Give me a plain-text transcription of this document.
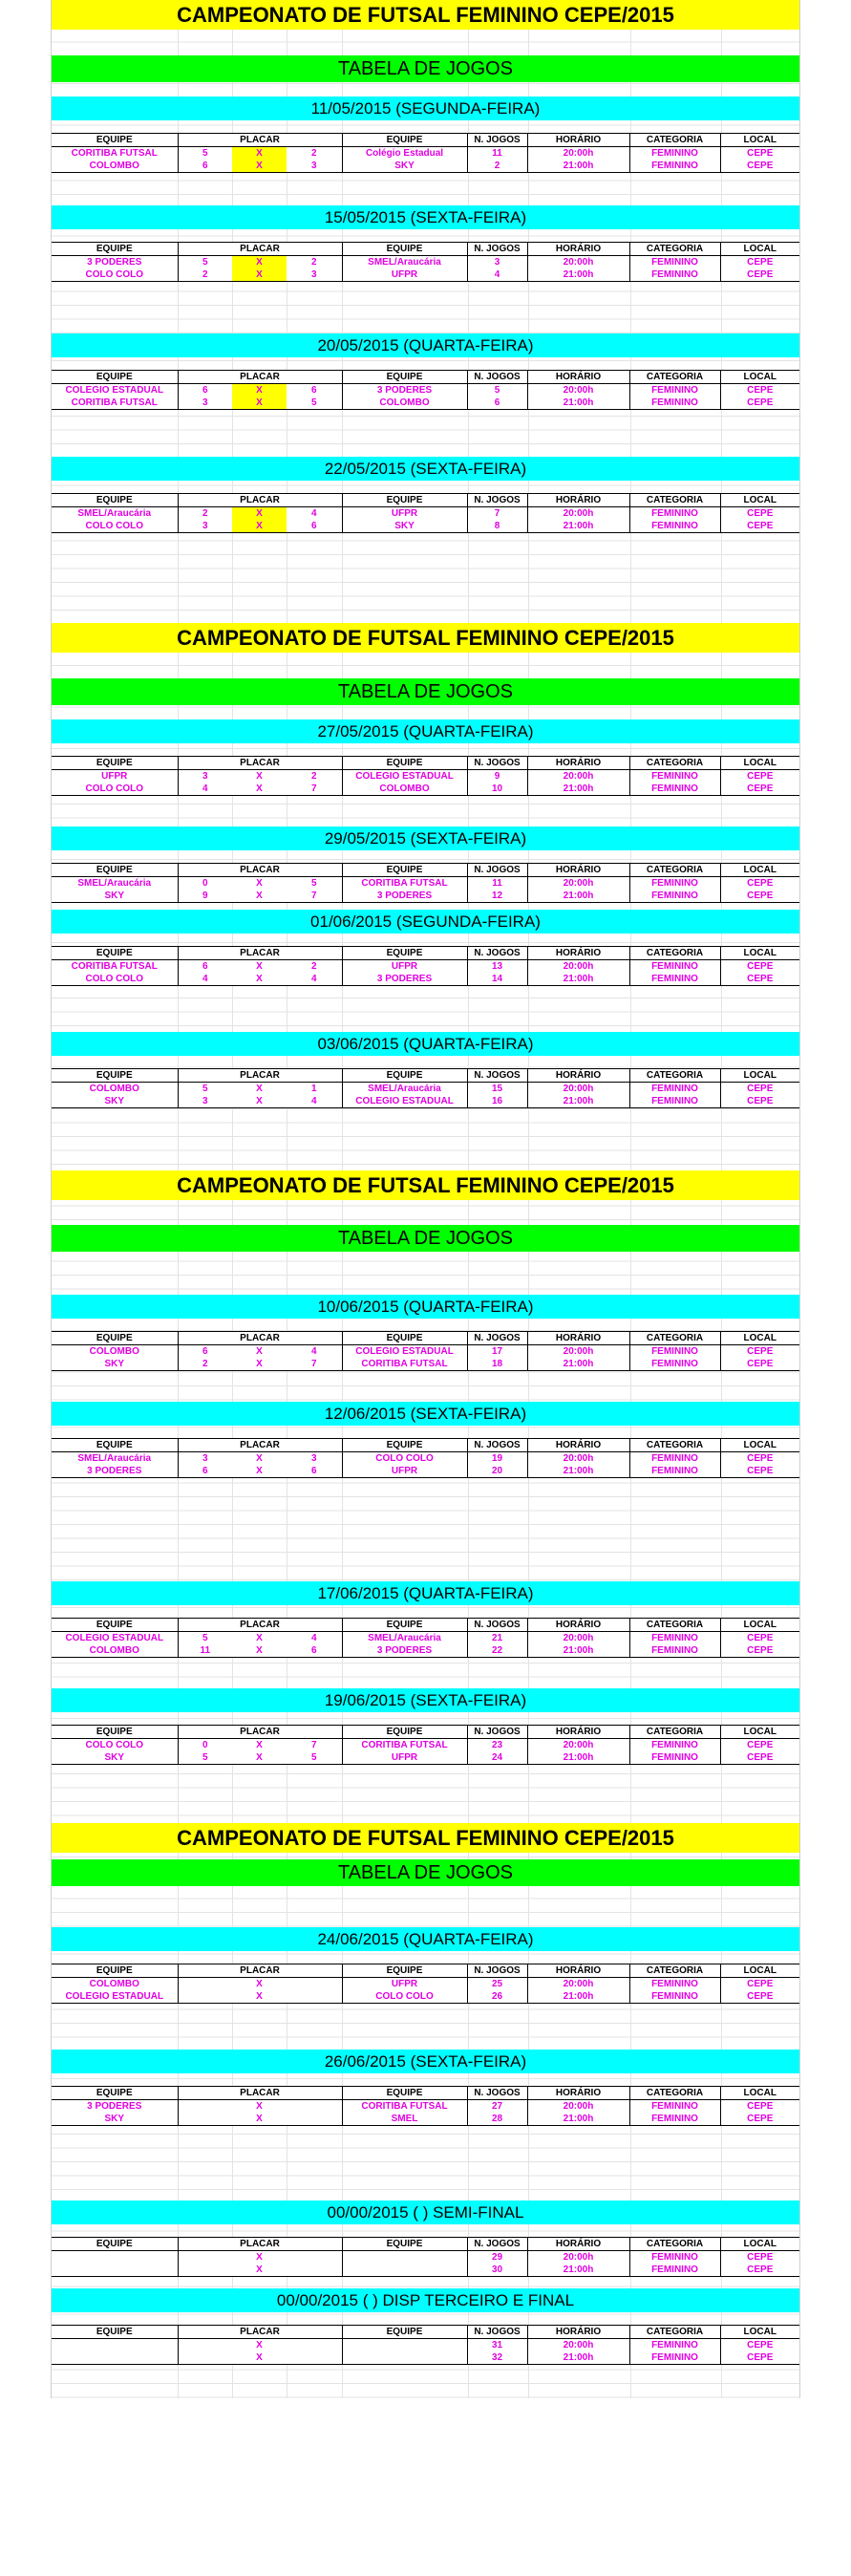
CAMPEONATO DE FUTSAL FEMININO CEPE/2015
TABELA DE JOGOS
11/05/2015 (SEGUNDA-FEIRA)
EQUIPE	PLACAR			EQUIPE	N. JOGOS	HORÁRIO	CATEGORIA	LOCAL
CORITIBA FUTSAL	5	X	2	Colégio Estadual	11	20:00h	FEMININO	CEPE
COLOMBO	6	X	3	SKY	2	21:00h	FEMININO	CEPE
15/05/2015 (SEXTA-FEIRA)
EQUIPE	PLACAR			EQUIPE	N. JOGOS	HORÁRIO	CATEGORIA	LOCAL
3 PODERES	5	X	2	SMEL/Araucária	3	20:00h	FEMININO	CEPE
COLO COLO	2	X	3	UFPR	4	21:00h	FEMININO	CEPE
20/05/2015 (QUARTA-FEIRA)
EQUIPE	PLACAR			EQUIPE	N. JOGOS	HORÁRIO	CATEGORIA	LOCAL
COLEGIO ESTADUAL	6	X	6	3 PODERES	5	20:00h	FEMININO	CEPE
CORITIBA FUTSAL	3	X	5	COLOMBO	6	21:00h	FEMININO	CEPE
22/05/2015 (SEXTA-FEIRA)
EQUIPE	PLACAR			EQUIPE	N. JOGOS	HORÁRIO	CATEGORIA	LOCAL
SMEL/Araucária	2	X	4	UFPR	7	20:00h	FEMININO	CEPE
COLO COLO	3	X	6	SKY	8	21:00h	FEMININO	CEPE
CAMPEONATO DE FUTSAL FEMININO CEPE/2015
TABELA DE JOGOS
27/05/2015 (QUARTA-FEIRA)
EQUIPE	PLACAR			EQUIPE	N. JOGOS	HORÁRIO	CATEGORIA	LOCAL
UFPR	3	X	2	COLEGIO ESTADUAL	9	20:00h	FEMININO	CEPE
COLO COLO	4	X	7	COLOMBO	10	21:00h	FEMININO	CEPE
29/05/2015 (SEXTA-FEIRA)
EQUIPE	PLACAR			EQUIPE	N. JOGOS	HORÁRIO	CATEGORIA	LOCAL
SMEL/Araucária	0	X	5	CORITIBA FUTSAL	11	20:00h	FEMININO	CEPE
SKY	9	X	7	3 PODERES	12	21:00h	FEMININO	CEPE
01/06/2015 (SEGUNDA-FEIRA)
EQUIPE	PLACAR			EQUIPE	N. JOGOS	HORÁRIO	CATEGORIA	LOCAL
CORITIBA FUTSAL	6	X	2	UFPR	13	20:00h	FEMININO	CEPE
COLO COLO	4	X	4	3 PODERES	14	21:00h	FEMININO	CEPE
03/06/2015 (QUARTA-FEIRA)
EQUIPE	PLACAR			EQUIPE	N. JOGOS	HORÁRIO	CATEGORIA	LOCAL
COLOMBO	5	X	1	SMEL/Araucária	15	20:00h	FEMININO	CEPE
SKY	3	X	4	COLEGIO ESTADUAL	16	21:00h	FEMININO	CEPE
CAMPEONATO DE FUTSAL FEMININO CEPE/2015
TABELA DE JOGOS
10/06/2015 (QUARTA-FEIRA)
EQUIPE	PLACAR			EQUIPE	N. JOGOS	HORÁRIO	CATEGORIA	LOCAL
COLOMBO	6	X	4	COLEGIO ESTADUAL	17	20:00h	FEMININO	CEPE
SKY	2	X	7	CORITIBA FUTSAL	18	21:00h	FEMININO	CEPE
12/06/2015 (SEXTA-FEIRA)
EQUIPE	PLACAR			EQUIPE	N. JOGOS	HORÁRIO	CATEGORIA	LOCAL
SMEL/Araucária	3	X	3	COLO COLO	19	20:00h	FEMININO	CEPE
3 PODERES	6	X	6	UFPR	20	21:00h	FEMININO	CEPE
17/06/2015 (QUARTA-FEIRA)
EQUIPE	PLACAR			EQUIPE	N. JOGOS	HORÁRIO	CATEGORIA	LOCAL
COLEGIO ESTADUAL	5	X	4	SMEL/Araucária	21	20:00h	FEMININO	CEPE
COLOMBO	11	X	6	3 PODERES	22	21:00h	FEMININO	CEPE
19/06/2015 (SEXTA-FEIRA)
EQUIPE	PLACAR			EQUIPE	N. JOGOS	HORÁRIO	CATEGORIA	LOCAL
COLO COLO	0	X	7	CORITIBA FUTSAL	23	20:00h	FEMININO	CEPE
SKY	5	X	5	UFPR	24	21:00h	FEMININO	CEPE
CAMPEONATO DE FUTSAL FEMININO CEPE/2015
TABELA DE JOGOS
24/06/2015 (QUARTA-FEIRA)
EQUIPE	PLACAR			EQUIPE	N. JOGOS	HORÁRIO	CATEGORIA	LOCAL
COLOMBO		X		UFPR	25	20:00h	FEMININO	CEPE
COLEGIO ESTADUAL		X		COLO COLO	26	21:00h	FEMININO	CEPE
26/06/2015 (SEXTA-FEIRA)
EQUIPE	PLACAR			EQUIPE	N. JOGOS	HORÁRIO	CATEGORIA	LOCAL
3 PODERES		X		CORITIBA FUTSAL	27	20:00h	FEMININO	CEPE
SKY		X		SMEL	28	21:00h	FEMININO	CEPE
00/00/2015 ( ) SEMI-FINAL
EQUIPE	PLACAR			EQUIPE	N. JOGOS	HORÁRIO	CATEGORIA	LOCAL
		X			29	20:00h	FEMININO	CEPE
		X			30	21:00h	FEMININO	CEPE
00/00/2015 ( ) DISP TERCEIRO E FINAL
EQUIPE	PLACAR			EQUIPE	N. JOGOS	HORÁRIO	CATEGORIA	LOCAL
		X			31	20:00h	FEMININO	CEPE
		X			32	21:00h	FEMININO	CEPE
